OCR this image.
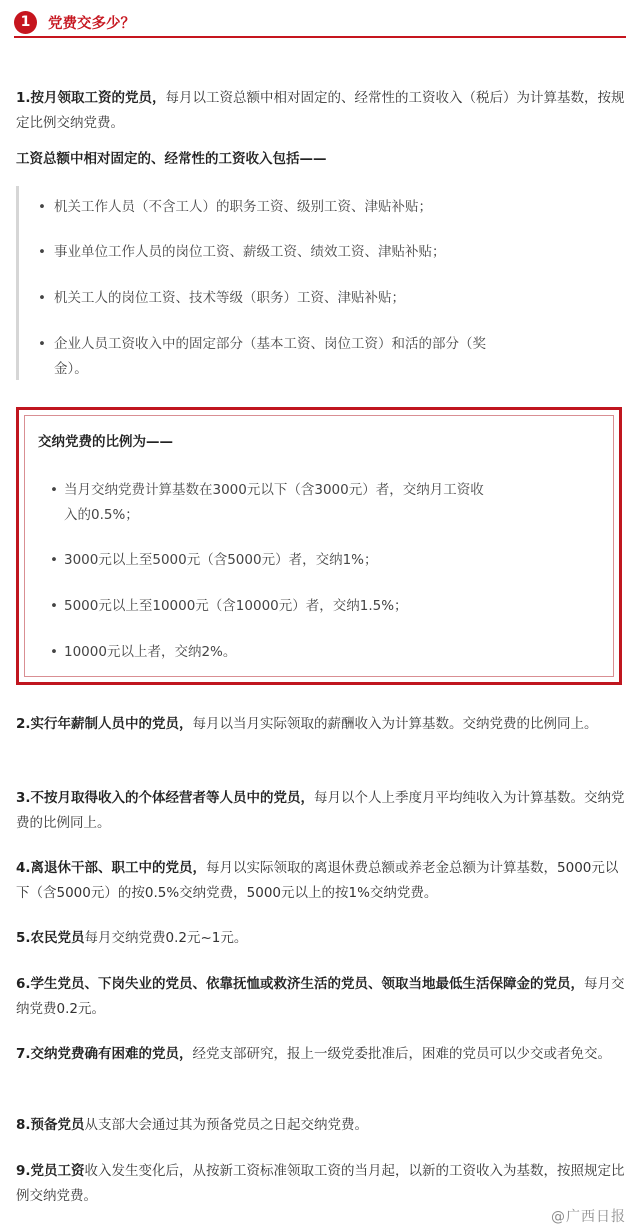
1	党费交多少？
1.按月领取工资的党员，每月以工资总额中相对固定的、经常性的工资收入（税后）为计算基数，按规定比例交纳党费。
工资总额中相对固定的、经常性的工资收入包括——
• 机关工作人员（不含工人）的职务工资、级别工资、津贴补贴；
• 事业单位工作人员的岗位工资、薪级工资、绩效工资、津贴补贴；
• 机关工人的岗位工资、技术等级（职务）工资、津贴补贴；
• 企业人员工资收入中的固定部分（基本工资、岗位工资）和活的部分（奖金）。
交纳党费的比例为——
• 当月交纳党费计算基数在3000元以下（含3000元）者，交纳月工资收入的0.5%；
• 3000元以上至5000元（含5000元）者，交纳1%；
• 5000元以上至10000元（含10000元）者，交纳1.5%；
• 10000元以上者，交纳2%。
2.实行年薪制人员中的党员，每月以当月实际领取的薪酬收入为计算基数。交纳党费的比例同上。
3.不按月取得收入的个体经营者等人员中的党员，每月以个人上季度月平均纯收入为计算基数。交纳党费的比例同上。
4.离退休干部、职工中的党员，每月以实际领取的离退休费总额或养老金总额为计算基数，5000元以下（含5000元）的按0.5%交纳党费，5000元以上的按1%交纳党费。
5.农民党员每月交纳党费0.2元~1元。
6.学生党员、下岗失业的党员、依靠抚恤或救济生活的党员、领取当地最低生活保障金的党员，每月交纳党费0.2元。
7.交纳党费确有困难的党员，经党支部研究，报上一级党委批准后，困难的党员可以少交或者免交。
8.预备党员从支部大会通过其为预备党员之日起交纳党费。
9.党员工资收入发生变化后，从按新工资标准领取工资的当月起，以新的工资收入为基数，按照规定比例交纳党费。
@广西日报
